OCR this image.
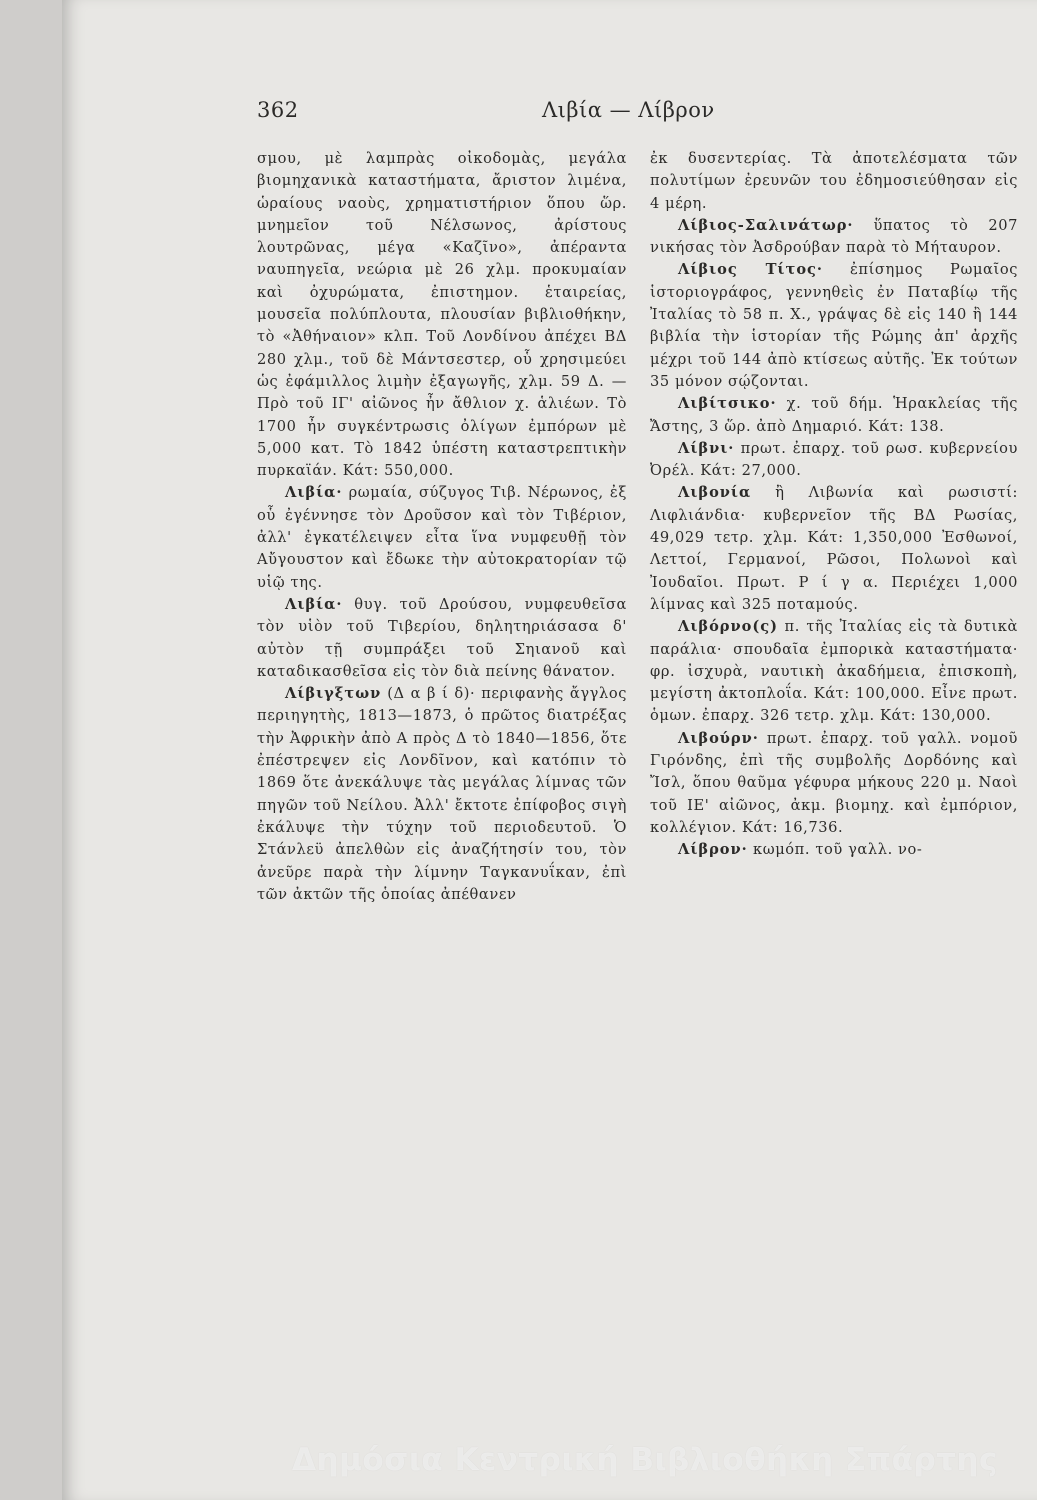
362	Λιβία — Λίβρον

σμου, μὲ λαμπρὰς οἰκοδομὰς, μεγάλα βιομηχανικὰ καταστήματα, ἄριστον λιμένα, ὡραίους ναοὺς, χρηματιστήριον ὅπου ὥρ. μνημεῖον τοῦ Νέλσωνος, ἀρίστους λουτρῶνας, μέγα «Καζῖνο», ἀπέραντα ναυπηγεῖα, νεώρια μὲ 26 χλμ. προκυμαίαν καὶ ὀχυρώματα, ἐπιστημον. ἑταιρείας, μουσεῖα πολύπλουτα, πλουσίαν βιβλιοθήκην, τὸ «Ἀθήναιον» κλπ. Τοῦ Λονδίνου ἀπέχει ΒΔ 280 χλμ., τοῦ δὲ Μάντσεστερ, οὗ χρησιμεύει ὡς ἐφάμιλλος λιμὴν ἐξαγωγῆς, χλμ. 59 Δ. — Πρὸ τοῦ ΙΓ' αἰῶνος ἦν ἄθλιον χ. ἁλιέων. Τὸ 1700 ἦν συγκέντρωσις ὀλίγων ἐμπόρων μὲ 5,000 κατ. Τὸ 1842 ὑπέστη καταστρεπτικὴν πυρκαϊάν. Κάτ: 550,000.

Λιβία· ρωμαία, σύζυγος Τιβ. Νέρωνος, ἐξ οὗ ἐγέννησε τὸν Δροῦσον καὶ τὸν Τιβέριον, ἀλλ' ἐγκατέλειψεν εἶτα ἵνα νυμφευθῇ τὸν Αὔγουστον καὶ ἔδωκε τὴν αὐτοκρατορίαν τῷ υἱῷ της.

Λιβία· θυγ. τοῦ Δρούσου, νυμφευθεῖσα τὸν υἱὸν τοῦ Τιβερίου, δηλητηριάσασα δ' αὐτὸν τῇ συμπράξει τοῦ Σηιανοῦ καὶ καταδικασθεῖσα εἰς τὸν διὰ πείνης θάνατον.

Λίβιγξτων (Δ α β ί δ)· περιφανὴς ἄγγλος περιηγητὴς, 1813—1873, ὁ πρῶτος διατρέξας τὴν Ἀφρικὴν ἀπὸ Α πρὸς Δ τὸ 1840—1856, ὅτε ἐπέστρεψεν εἰς Λονδῖνον, καὶ κατόπιν τὸ 1869 ὅτε ἀνεκάλυψε τὰς μεγάλας λίμνας τῶν πηγῶν τοῦ Νείλου. Ἀλλ' ἔκτοτε ἐπίφοβος σιγὴ ἐκάλυψε τὴν τύχην τοῦ περιοδευτοῦ. Ὁ Στάνλεϋ ἀπελθὼν εἰς ἀναζήτησίν του, τὸν ἀνεῦρε παρὰ τὴν λίμνην Ταγκανυΐκαν, ἐπὶ τῶν ἀκτῶν τῆς ὁποίας ἀπέθανεν

ἐκ δυσεντερίας. Τὰ ἀποτελέσματα τῶν πολυτίμων ἐρευνῶν του ἐδημοσιεύθησαν εἰς 4 μέρη.

Λίβιος-Σαλινάτωρ· ὕπατος τὸ 207 νικήσας τὸν Ἀσδρούβαν παρὰ τὸ Μήταυρον.

Λίβιος Τίτος· ἐπίσημος Ρωμαῖος ἱστοριογράφος, γεννηθεὶς ἐν Παταβίῳ τῆς Ἰταλίας τὸ 58 π. Χ., γράψας δὲ εἰς 140 ἢ 144 βιβλία τὴν ἱστορίαν τῆς Ρώμης ἀπ' ἀρχῆς μέχρι τοῦ 144 ἀπὸ κτίσεως αὐτῆς. Ἐκ τούτων 35 μόνον σῴζονται.

Λιβίτσικο· χ. τοῦ δήμ. Ἡρακλείας τῆς Ἄστης, 3 ὥρ. ἀπὸ Δημαριό. Κάτ: 138.

Λίβνι· πρωτ. ἐπαρχ. τοῦ ρωσ. κυβερνείου Ὀρέλ. Κάτ: 27,000.

Λιβονία ἢ Λιβωνία καὶ ρωσιστί: Λιφλιάνδια· κυβερνεῖον τῆς ΒΔ Ρωσίας, 49,029 τετρ. χλμ. Κάτ: 1,350,000 Ἐσθωνοί, Λεττοί, Γερμανοί, Ρῶσοι, Πολωνοὶ καὶ Ἰουδαῖοι. Πρωτ. Ρ ί γ α. Περιέχει 1,000 λίμνας καὶ 325 ποταμούς.

Λιβόρνο(ς) π. τῆς Ἰταλίας εἰς τὰ δυτικὰ παράλια· σπουδαῖα ἐμπορικὰ καταστήματα· φρ. ἰσχυρὰ, ναυτικὴ ἀκαδήμεια, ἐπισκοπὴ, μεγίστη ἀκτοπλοΐα. Κάτ: 100,000. Εἶνε πρωτ. ὁμων. ἐπαρχ. 326 τετρ. χλμ. Κάτ: 130,000.

Λιβούρν· πρωτ. ἐπαρχ. τοῦ γαλλ. νομοῦ Γιρόνδης, ἐπὶ τῆς συμβολῆς Δορδόνης καὶ Ἴσλ, ὅπου θαῦμα γέφυρα μήκους 220 μ. Ναοὶ τοῦ ΙΕ' αἰῶνος, ἀκμ. βιομηχ. καὶ ἐμπόριον, κολλέγιον. Κάτ: 16,736.

Λίβρον· κωμόπ. τοῦ γαλλ. νο-

Δημόσια Κεντρική Βιβλιοθήκη Σπάρτης
